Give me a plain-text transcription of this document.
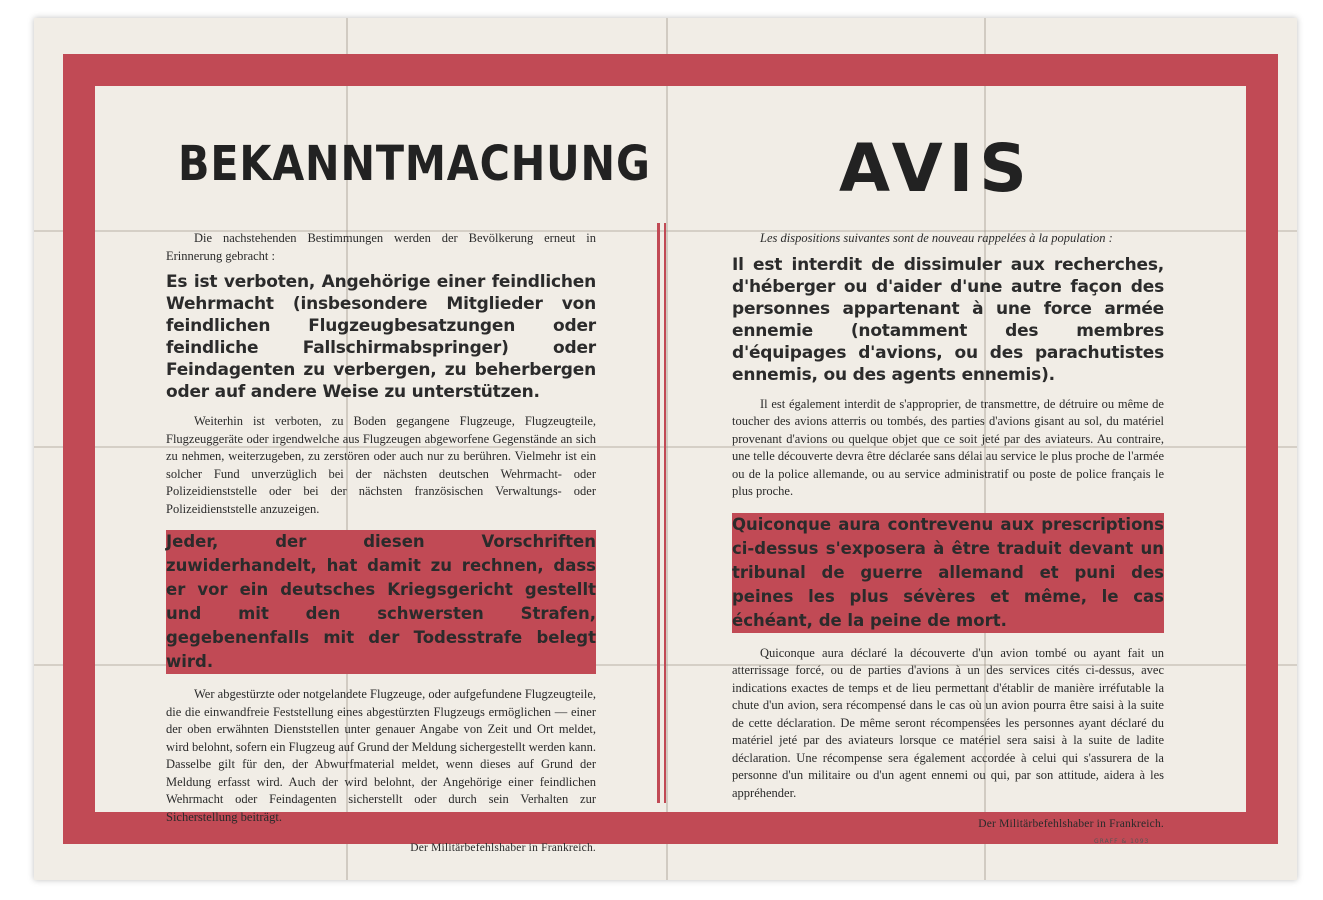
BEKANNTMACHUNG	AVIS

Die nachstehenden Bestimmungen werden der Bevölkerung erneut in Erinnerung gebracht :

Es ist verboten, Angehörige einer feindlichen Wehrmacht (insbesondere Mitglieder von feindlichen Flugzeugbesatzungen oder feindliche Fallschirmabspringer) oder Feindagenten zu verbergen, zu beherbergen oder auf andere Weise zu unterstützen.

Weiterhin ist verboten, zu Boden gegangene Flugzeuge, Flugzeugteile, Flugzeuggeräte oder irgendwelche aus Flugzeugen abgeworfene Gegenstände an sich zu nehmen, weiterzugeben, zu zerstören oder auch nur zu berühren. Vielmehr ist ein solcher Fund unverzüglich bei der nächsten deutschen Wehrmacht- oder Polizeidienststelle oder bei der nächsten französischen Verwaltungs- oder Polizeidienststelle anzuzeigen.

Jeder, der diesen Vorschriften zuwiderhandelt, hat damit zu rechnen, dass er vor ein deutsches Kriegsgericht gestellt und mit den schwersten Strafen, gegebenenfalls mit der Todesstrafe belegt wird.

Wer abgestürzte oder notgelandete Flugzeuge, oder aufgefundene Flugzeugteile, die die einwandfreie Feststellung eines abgestürzten Flugzeugs ermöglichen — einer der oben erwähnten Dienststellen unter genauer Angabe von Zeit und Ort meldet, wird belohnt, sofern ein Flugzeug auf Grund der Meldung sichergestellt werden kann. Dasselbe gilt für den, der Abwurfmaterial meldet, wenn dieses auf Grund der Meldung erfasst wird. Auch der wird belohnt, der Angehörige einer feindlichen Wehrmacht oder Feindagenten sicherstellt oder durch sein Verhalten zur Sicherstellung beiträgt.

Der Militärbefehlshaber in Frankreich.

Les dispositions suivantes sont de nouveau rappelées à la population :

Il est interdit de dissimuler aux recherches, d'héberger ou d'aider d'une autre façon des personnes appartenant à une force armée ennemie (notamment des membres d'équipages d'avions, ou des parachutistes ennemis, ou des agents ennemis).

Il est également interdit de s'approprier, de transmettre, de détruire ou même de toucher des avions atterris ou tombés, des parties d'avions gisant au sol, du matériel provenant d'avions ou quelque objet que ce soit jeté par des aviateurs. Au contraire, une telle découverte devra être déclarée sans délai au service le plus proche de l'armée ou de la police allemande, ou au service administratif ou poste de police français le plus proche.

Quiconque aura contrevenu aux prescriptions ci-dessus s'exposera à être traduit devant un tribunal de guerre allemand et puni des peines les plus sévères et même, le cas échéant, de la peine de mort.

Quiconque aura déclaré la découverte d'un avion tombé ou ayant fait un atterrissage forcé, ou de parties d'avions à un des services cités ci-dessus, avec indications exactes de temps et de lieu permettant d'établir de manière irréfutable la chute d'un avion, sera récompensé dans le cas où un avion pourra être saisi à la suite de cette déclaration. De même seront récompensées les personnes ayant déclaré du matériel jeté par des aviateurs lorsque ce matériel sera saisi à la suite de ladite déclaration. Une récompense sera également accordée à celui qui s'assurera de la personne d'un militaire ou d'un agent ennemi ou qui, par son attitude, aidera à les appréhender.

Der Militärbefehlshaber in Frankreich.
GRAFF & 1093
